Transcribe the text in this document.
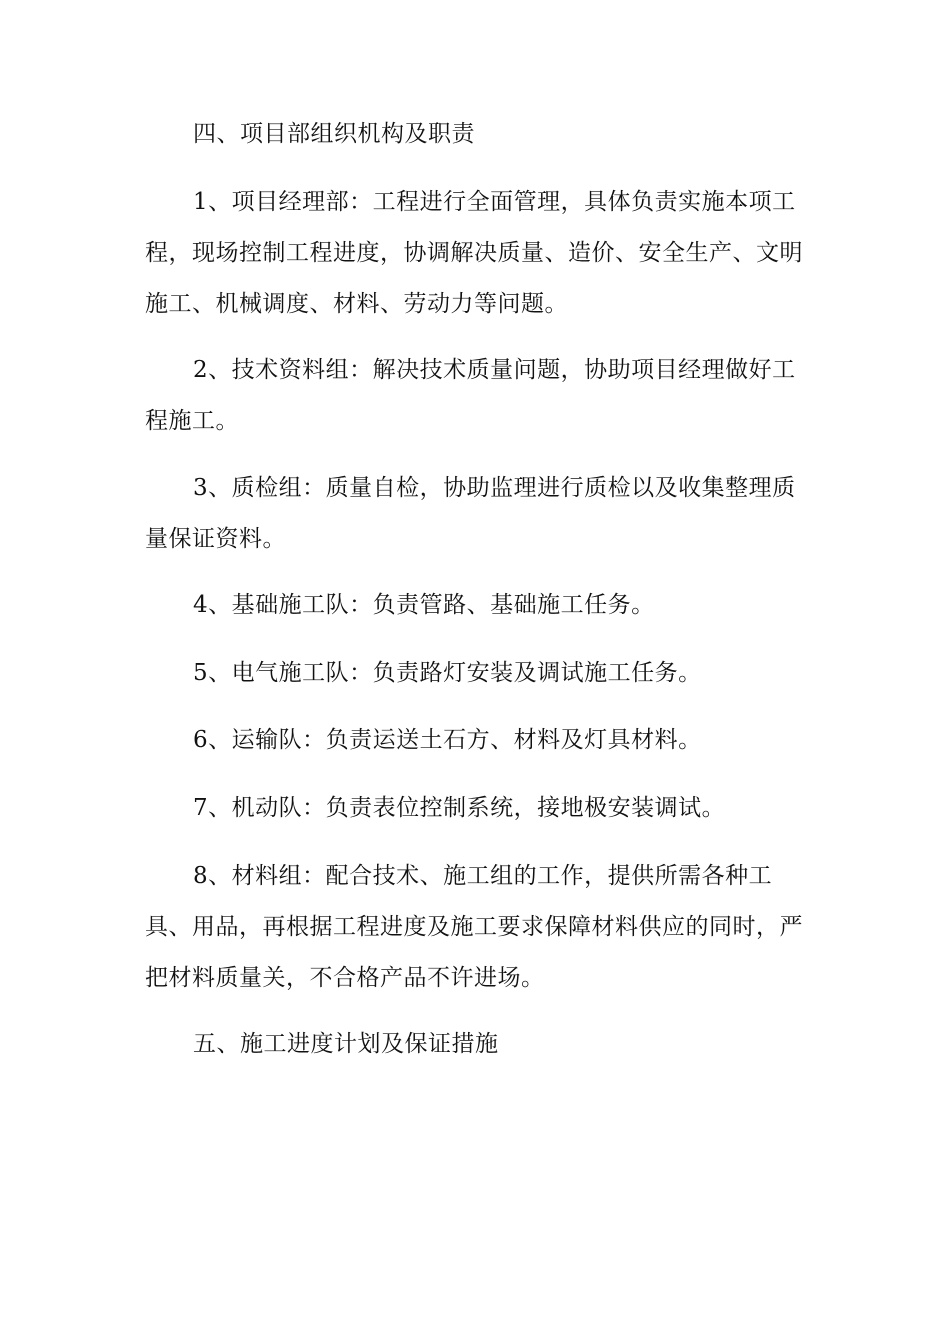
四、项目部组织机构及职责

1、项目经理部：工程进行全面管理，具体负责实施本项工程，现场控制工程进度，协调解决质量、造价、安全生产、文明施工、机械调度、材料、劳动力等问题。

2、技术资料组：解决技术质量问题，协助项目经理做好工程施工。

3、质检组：质量自检，协助监理进行质检以及收集整理质量保证资料。

4、基础施工队：负责管路、基础施工任务。

5、电气施工队：负责路灯安装及调试施工任务。

6、运输队：负责运送土石方、材料及灯具材料。

7、机动队：负责表位控制系统，接地极安装调试。

8、材料组：配合技术、施工组的工作，提供所需各种工具、用品，再根据工程进度及施工要求保障材料供应的同时，严把材料质量关，不合格产品不许进场。

五、施工进度计划及保证措施
